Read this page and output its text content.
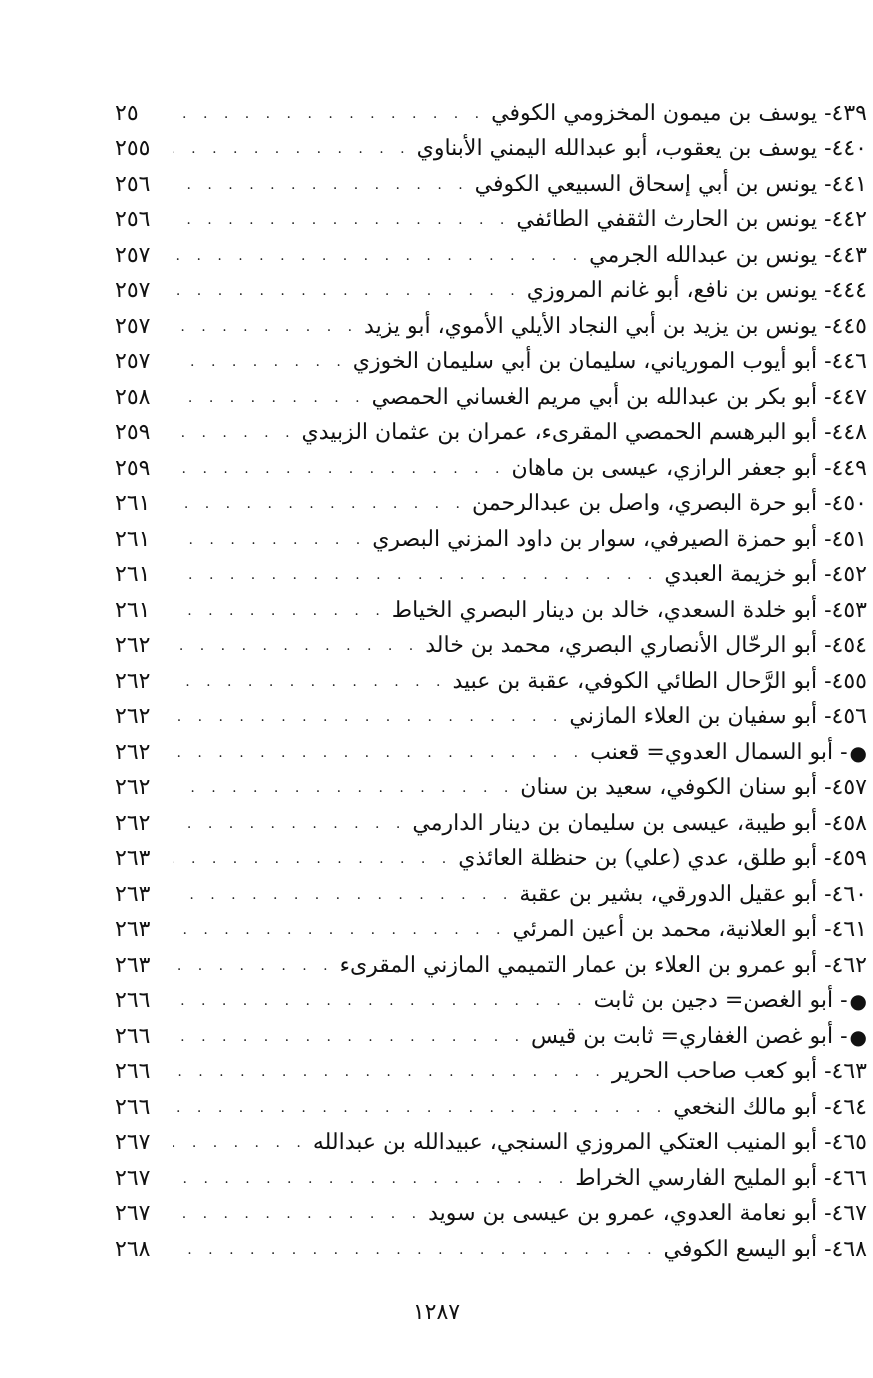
٤٣٩- يوسف بن ميمون المخزومي الكوفي
. . .
٢٥
٤٤٠- يوسف بن يعقوب، أبو عبدالله اليمني الأبناوي
. . .
٢٥٥
٤٤١- يونس بن أبي إسحاق السبيعي الكوفي
. . .
٢٥٦
٤٤٢- يونس بن الحارث الثقفي الطائفي
. . .
٢٥٦
٤٤٣- يونس بن عبدالله الجرمي
. . .
٢٥٧
٤٤٤- يونس بن نافع، أبو غانم المروزي
. . .
٢٥٧
٤٤٥- يونس بن يزيد بن أبي النجاد الأيلي الأموي، أبو يزيد
. . .
٢٥٧
٤٤٦- أبو أيوب المورياني، سليمان بن أبي سليمان الخوزي
. . .
٢٥٧
٤٤٧- أبو بكر بن عبدالله بن أبي مريم الغساني الحمصي
. . .
٢٥٨
٤٤٨- أبو البرهسم الحمصي المقرىء، عمران بن عثمان الزبيدي
. . .
٢٥٩
٤٤٩- أبو جعفر الرازي، عيسى بن ماهان
. . .
٢٥٩
٤٥٠- أبو حرة البصري، واصل بن عبدالرحمن
. . .
٢٦١
٤٥١- أبو حمزة الصيرفي، سوار بن داود المزني البصري
. . .
٢٦١
٤٥٢- أبو خزيمة العبدي
. . .
٢٦١
٤٥٣- أبو خلدة السعدي، خالد بن دينار البصري الخياط
. . .
٢٦١
٤٥٤- أبو الرحّال الأنصاري البصري، محمد بن خالد
. . .
٢٦٢
٤٥٥- أبو الرَّحال الطائي الكوفي، عقبة بن عبيد
. . .
٢٦٢
٤٥٦- أبو سفيان بن العلاء المازني
. . .
٢٦٢
●
- أبو السمال العدوي= قعنب
. . .
٢٦٢
٤٥٧- أبو سنان الكوفي، سعيد بن سنان
. . .
٢٦٢
٤٥٨- أبو طيبة، عيسى بن سليمان بن دينار الدارمي
. . .
٢٦٢
٤٥٩- أبو طلق، عدي (علي) بن حنظلة العائذي
. . .
٢٦٣
٤٦٠- أبو عقيل الدورقي، بشير بن عقبة
. . .
٢٦٣
٤٦١- أبو العلانية، محمد بن أعين المرئي
. . .
٢٦٣
٤٦٢- أبو عمرو بن العلاء بن عمار التميمي المازني المقرىء
. . .
٢٦٣
●
- أبو الغصن= دجين بن ثابت
. . .
٢٦٦
●
- أبو غصن الغفاري= ثابت بن قيس
. . .
٢٦٦
٤٦٣- أبو كعب صاحب الحرير
. . .
٢٦٦
٤٦٤- أبو مالك النخعي
. . .
٢٦٦
٤٦٥- أبو المنيب العتكي المروزي السنجي، عبيدالله بن عبدالله
. . .
٢٦٧
٤٦٦- أبو المليح الفارسي الخراط
. . .
٢٦٧
٤٦٧- أبو نعامة العدوي، عمرو بن عيسى بن سويد
. . .
٢٦٧
٤٦٨- أبو اليسع الكوفي
. . .
٢٦٨
١٢٨٧
